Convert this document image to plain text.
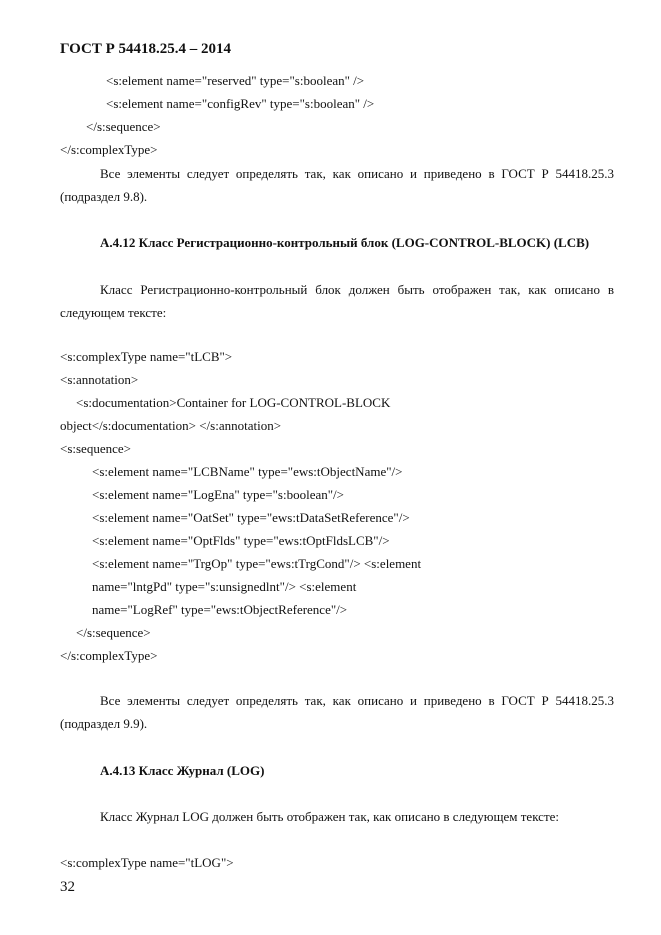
ГОСТ Р 54418.25.4 – 2014
<s:element name="reserved" type="s:boolean" />
<s:element name="configRev" type="s:boolean" />
</s:sequence>
</s:complexType>
Все элементы следует определять так, как описано и приведено в ГОСТ Р 54418.25.3
(подраздел 9.8).
А.4.12 Класс Регистрационно-контрольный блок (LOG-CONTROL-BLOCK) (LCB)
Класс Регистрационно-контрольный блок должен быть отображен так, как описано в
следующем тексте:
<s:complexType name="tLCB">
<s:annotation>
<s:documentation>Container for LOG-CONTROL-BLOCK
object</s:documentation> </s:annotation>
<s:sequence>
<s:element name="LCBName" type="ews:tObjectName"/>
<s:element name="LogEna" type="s:boolean"/>
<s:element name="OatSet" type="ews:tDataSetReference"/>
<s:element name="OptFlds" type="ews:tOptFldsLCB"/>
<s:element name="TrgOp" type="ews:tTrgCond"/> <s:element
name="lntgPd" type="s:unsignedlnt"/> <s:element
name="LogRef" type="ews:tObjectReference"/>
</s:sequence>
</s:complexType>
Все элементы следует определять так, как описано и приведено в ГОСТ Р 54418.25.3
(подраздел 9.9).
А.4.13 Класс Журнал (LOG)
Класс Журнал LOG должен быть отображен так, как описано в следующем тексте:
<s:complexType name="tLOG">
32
